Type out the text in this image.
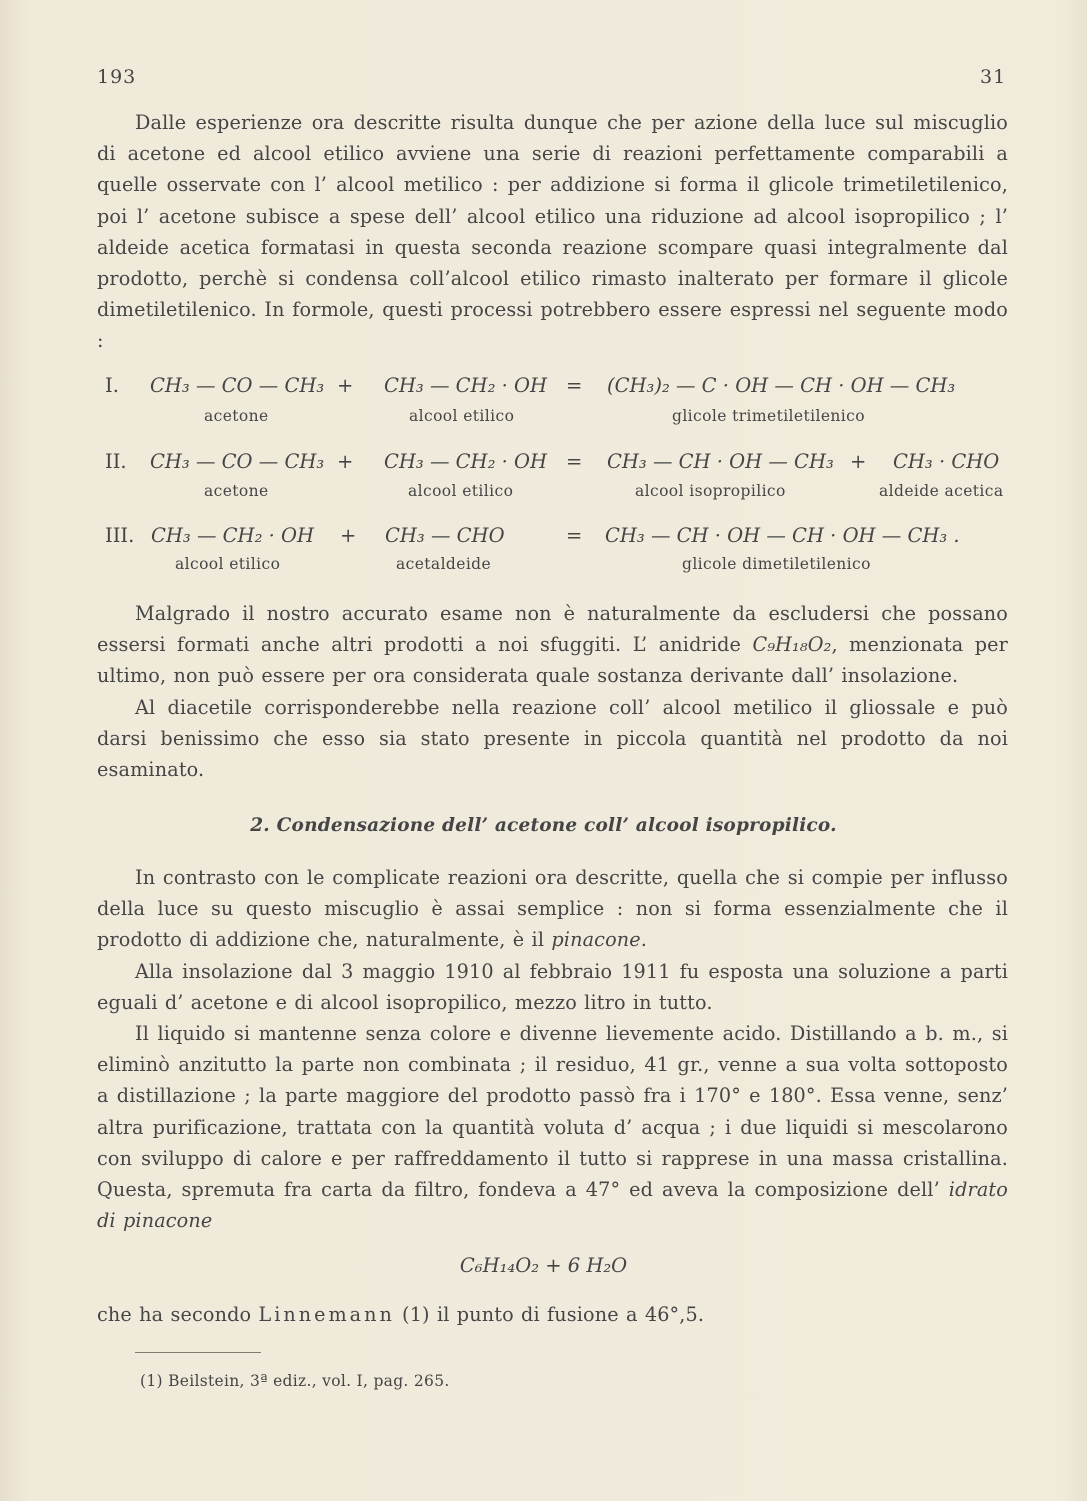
193	31

Dalle esperienze ora descritte risulta dunque che per azione della luce sul miscuglio di acetone ed alcool etilico avviene una serie di reazioni perfettamente comparabili a quelle osservate con l’ alcool metilico : per addizione si forma il glicole trimetiletilenico, poi l’ acetone subisce a spese dell’ alcool etilico una riduzione ad alcool isopropilico ; l’ aldeide acetica formatasi in questa seconda reazione scompare quasi integralmente dal prodotto, perchè si condensa coll’alcool etilico rimasto inalterato per formare il glicole dimetiletilenico. In formole, questi processi potrebbero essere espressi nel seguente modo :

I. CH₃ — CO — CH₃ + CH₃ — CH₂ · OH = (CH₃)₂ — C · OH — CH · OH — CH₃
acetone	alcool etilico	glicole trimetiletilenico
II. CH₃ — CO — CH₃ + CH₃ — CH₂ · OH = CH₃ — CH · OH — CH₃ + CH₃ · CHO
acetone	alcool etilico	alcool isopropilico	aldeide acetica
III. CH₃ — CH₂ · OH + CH₃ — CHO	= CH₃ — CH · OH — CH · OH — CH₃ .
alcool etilico	acetaldeide	glicole dimetiletilenico

Malgrado il nostro accurato esame non è naturalmente da escludersi che possano essersi formati anche altri prodotti a noi sfuggiti. L’ anidride C₉H₁₈O₂, menzionata per ultimo, non può essere per ora considerata quale sostanza derivante dall’ insolazione.

Al diacetile corrisponderebbe nella reazione coll’ alcool metilico il gliossale e può darsi benissimo che esso sia stato presente in piccola quantità nel prodotto da noi esaminato.

2. Condensazione dell’ acetone coll’ alcool isopropilico.

In contrasto con le complicate reazioni ora descritte, quella che si compie per influsso della luce su questo miscuglio è assai semplice : non si forma essenzialmente che il prodotto di addizione che, naturalmente, è il pinacone.

Alla insolazione dal 3 maggio 1910 al febbraio 1911 fu esposta una soluzione a parti eguali d’ acetone e di alcool isopropilico, mezzo litro in tutto.

Il liquido si mantenne senza colore e divenne lievemente acido. Distillando a b. m., si eliminò anzitutto la parte non combinata ; il residuo, 41 gr., venne a sua volta sottoposto a distillazione ; la parte maggiore del prodotto passò fra i 170° e 180°. Essa venne, senz’ altra purificazione, trattata con la quantità voluta d’ acqua ; i due liquidi si mescolarono con sviluppo di calore e per raffreddamento il tutto si rapprese in una massa cristallina. Questa, spremuta fra carta da filtro, fondeva a 47° ed aveva la composizione dell’ idrato di pinacone

C₆H₁₄O₂ + 6 H₂O

che ha secondo Linnemann (1) il punto di fusione a 46°,5.

(1) Beilstein, 3ª ediz., vol. I, pag. 265.
